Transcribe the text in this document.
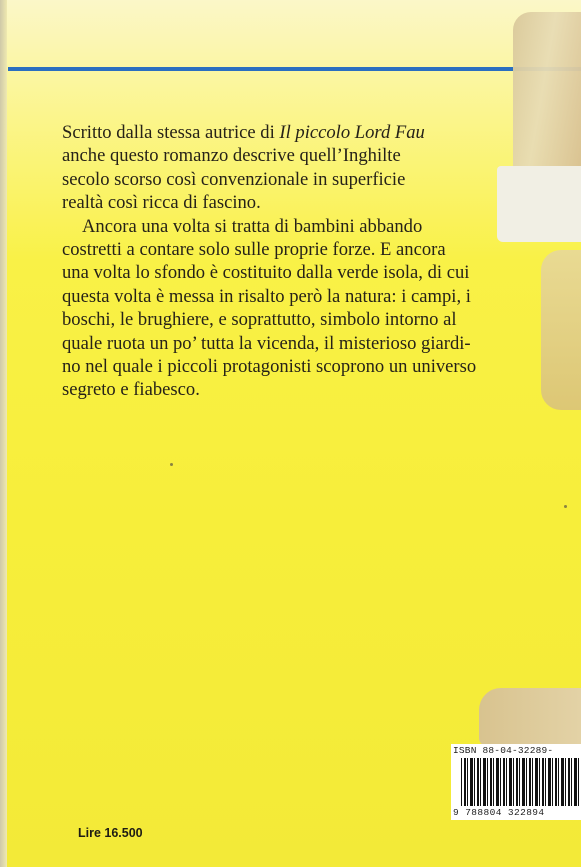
Scritto dalla stessa autrice di Il piccolo Lord Fau
anche questo romanzo descrive quell’Inghilte
secolo scorso così convenzionale in superficie
realtà così ricca di fascino.

Ancora una volta si tratta di bambini abbando
costretti a contare solo sulle proprie forze. E ancora
una volta lo sfondo è costituito dalla verde isola, di cui
questa volta è messa in risalto però la natura: i campi, i
boschi, le brughiere, e soprattutto, simbolo intorno al
quale ruota un po’ tutta la vicenda, il misterioso giardi-
no nel quale i piccoli protagonisti scoprono un universo
segreto e fiabesco.

ISBN 88-04-32289-
9 788804 322894
Lire 16.500
